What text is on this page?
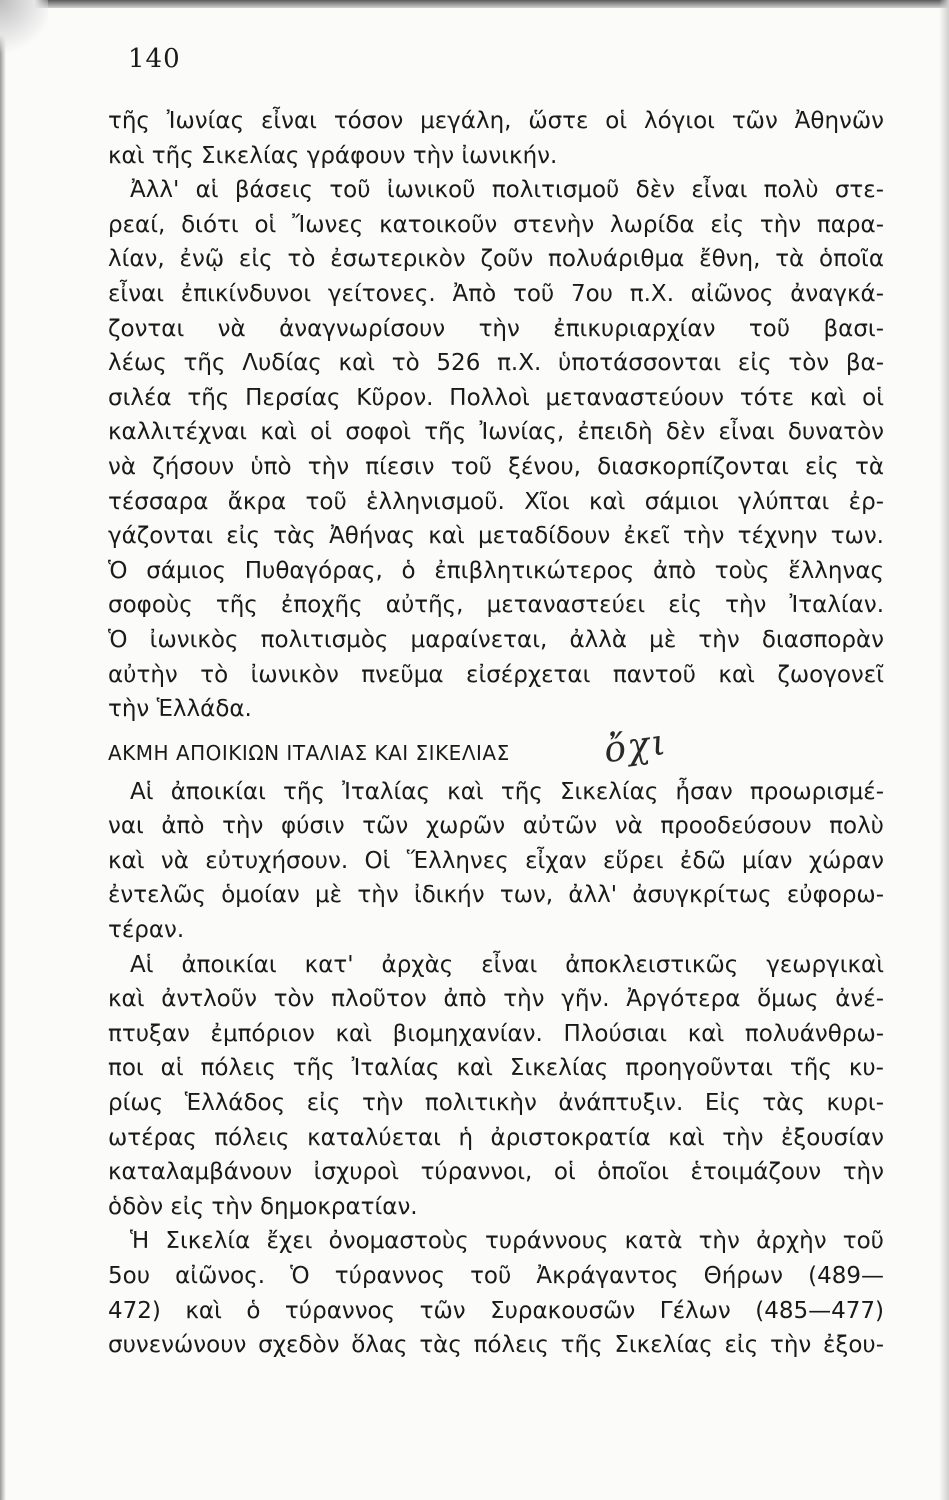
140
τῆς Ἰωνίας εἶναι τόσον μεγάλη, ὥστε οἱ λόγιοι τῶν Ἀθηνῶν
καὶ τῆς Σικελίας γράφουν τὴν ἰωνικήν.
Ἀλλ' αἱ βάσεις τοῦ ἰωνικοῦ πολιτισμοῦ δὲν εἶναι πολὺ στε-
ρεαί, διότι οἱ Ἴωνες κατοικοῦν στενὴν λωρίδα εἰς τὴν παρα-
λίαν, ἐνῷ εἰς τὸ ἐσωτερικὸν ζοῦν πολυάριθμα ἔθνη, τὰ ὁποῖα
εἶναι ἐπικίνδυνοι γείτονες. Ἀπὸ τοῦ 7ου π.Χ. αἰῶνος ἀναγκά-
ζονται νὰ ἀναγνωρίσουν τὴν ἐπικυριαρχίαν τοῦ βασι-
λέως τῆς Λυδίας καὶ τὸ 526 π.Χ. ὑποτάσσονται εἰς τὸν βα-
σιλέα τῆς Περσίας Κῦρον. Πολλοὶ μεταναστεύουν τότε καὶ οἱ
καλλιτέχναι καὶ οἱ σοφοὶ τῆς Ἰωνίας, ἐπειδὴ δὲν εἶναι δυνατὸν
νὰ ζήσουν ὑπὸ τὴν πίεσιν τοῦ ξένου, διασκορπίζονται εἰς τὰ
τέσσαρα ἄκρα τοῦ ἑλληνισμοῦ. Χῖοι καὶ σάμιοι γλύπται ἐρ-
γάζονται εἰς τὰς Ἀθήνας καὶ μεταδίδουν ἐκεῖ τὴν τέχνην των.
Ὁ σάμιος Πυθαγόρας, ὁ ἐπιβλητικώτερος ἀπὸ τοὺς ἕλληνας
σοφοὺς τῆς ἐποχῆς αὐτῆς, μεταναστεύει εἰς τὴν Ἰταλίαν.
Ὁ ἰωνικὸς πολιτισμὸς μαραίνεται, ἀλλὰ μὲ τὴν διασπορὰν
αὐτὴν τὸ ἰωνικὸν πνεῦμα εἰσέρχεται παντοῦ καὶ ζωογονεῖ
τὴν Ἑλλάδα.
ΑΚΜΗ ΑΠΟΙΚΙΩΝ ΙΤΑΛΙΑΣ ΚΑΙ ΣΙΚΕΛΙΑΣ	ὄχι
Αἱ ἀποικίαι τῆς Ἰταλίας καὶ τῆς Σικελίας ἦσαν προωρισμέ-
ναι ἀπὸ τὴν φύσιν τῶν χωρῶν αὐτῶν νὰ προοδεύσουν πολὺ
καὶ νὰ εὐτυχήσουν. Οἱ Ἕλληνες εἶχαν εὕρει ἐδῶ μίαν χώραν
ἐντελῶς ὁμοίαν μὲ τὴν ἰδικήν των, ἀλλ' ἀσυγκρίτως εὐφορω-
τέραν.
Αἱ ἀποικίαι κατ' ἀρχὰς εἶναι ἀποκλειστικῶς γεωργικαὶ
καὶ ἀντλοῦν τὸν πλοῦτον ἀπὸ τὴν γῆν. Ἀργότερα ὅμως ἀνέ-
πτυξαν ἐμπόριον καὶ βιομηχανίαν. Πλούσιαι καὶ πολυάνθρω-
ποι αἱ πόλεις τῆς Ἰταλίας καὶ Σικελίας προηγοῦνται τῆς κυ-
ρίως Ἑλλάδος εἰς τὴν πολιτικὴν ἀνάπτυξιν. Εἰς τὰς κυρι-
ωτέρας πόλεις καταλύεται ἡ ἀριστοκρατία καὶ τὴν ἐξουσίαν
καταλαμβάνουν ἰσχυροὶ τύραννοι, οἱ ὁποῖοι ἑτοιμάζουν τὴν
ὁδὸν εἰς τὴν δημοκρατίαν.
Ἡ Σικελία ἔχει ὀνομαστοὺς τυράννους κατὰ τὴν ἀρχὴν τοῦ
5ου αἰῶνος. Ὁ τύραννος τοῦ Ἀκράγαντος Θήρων (489—
472) καὶ ὁ τύραννος τῶν Συρακουσῶν Γέλων (485—477)
συνενώνουν σχεδὸν ὅλας τὰς πόλεις τῆς Σικελίας εἰς τὴν ἐξου-
